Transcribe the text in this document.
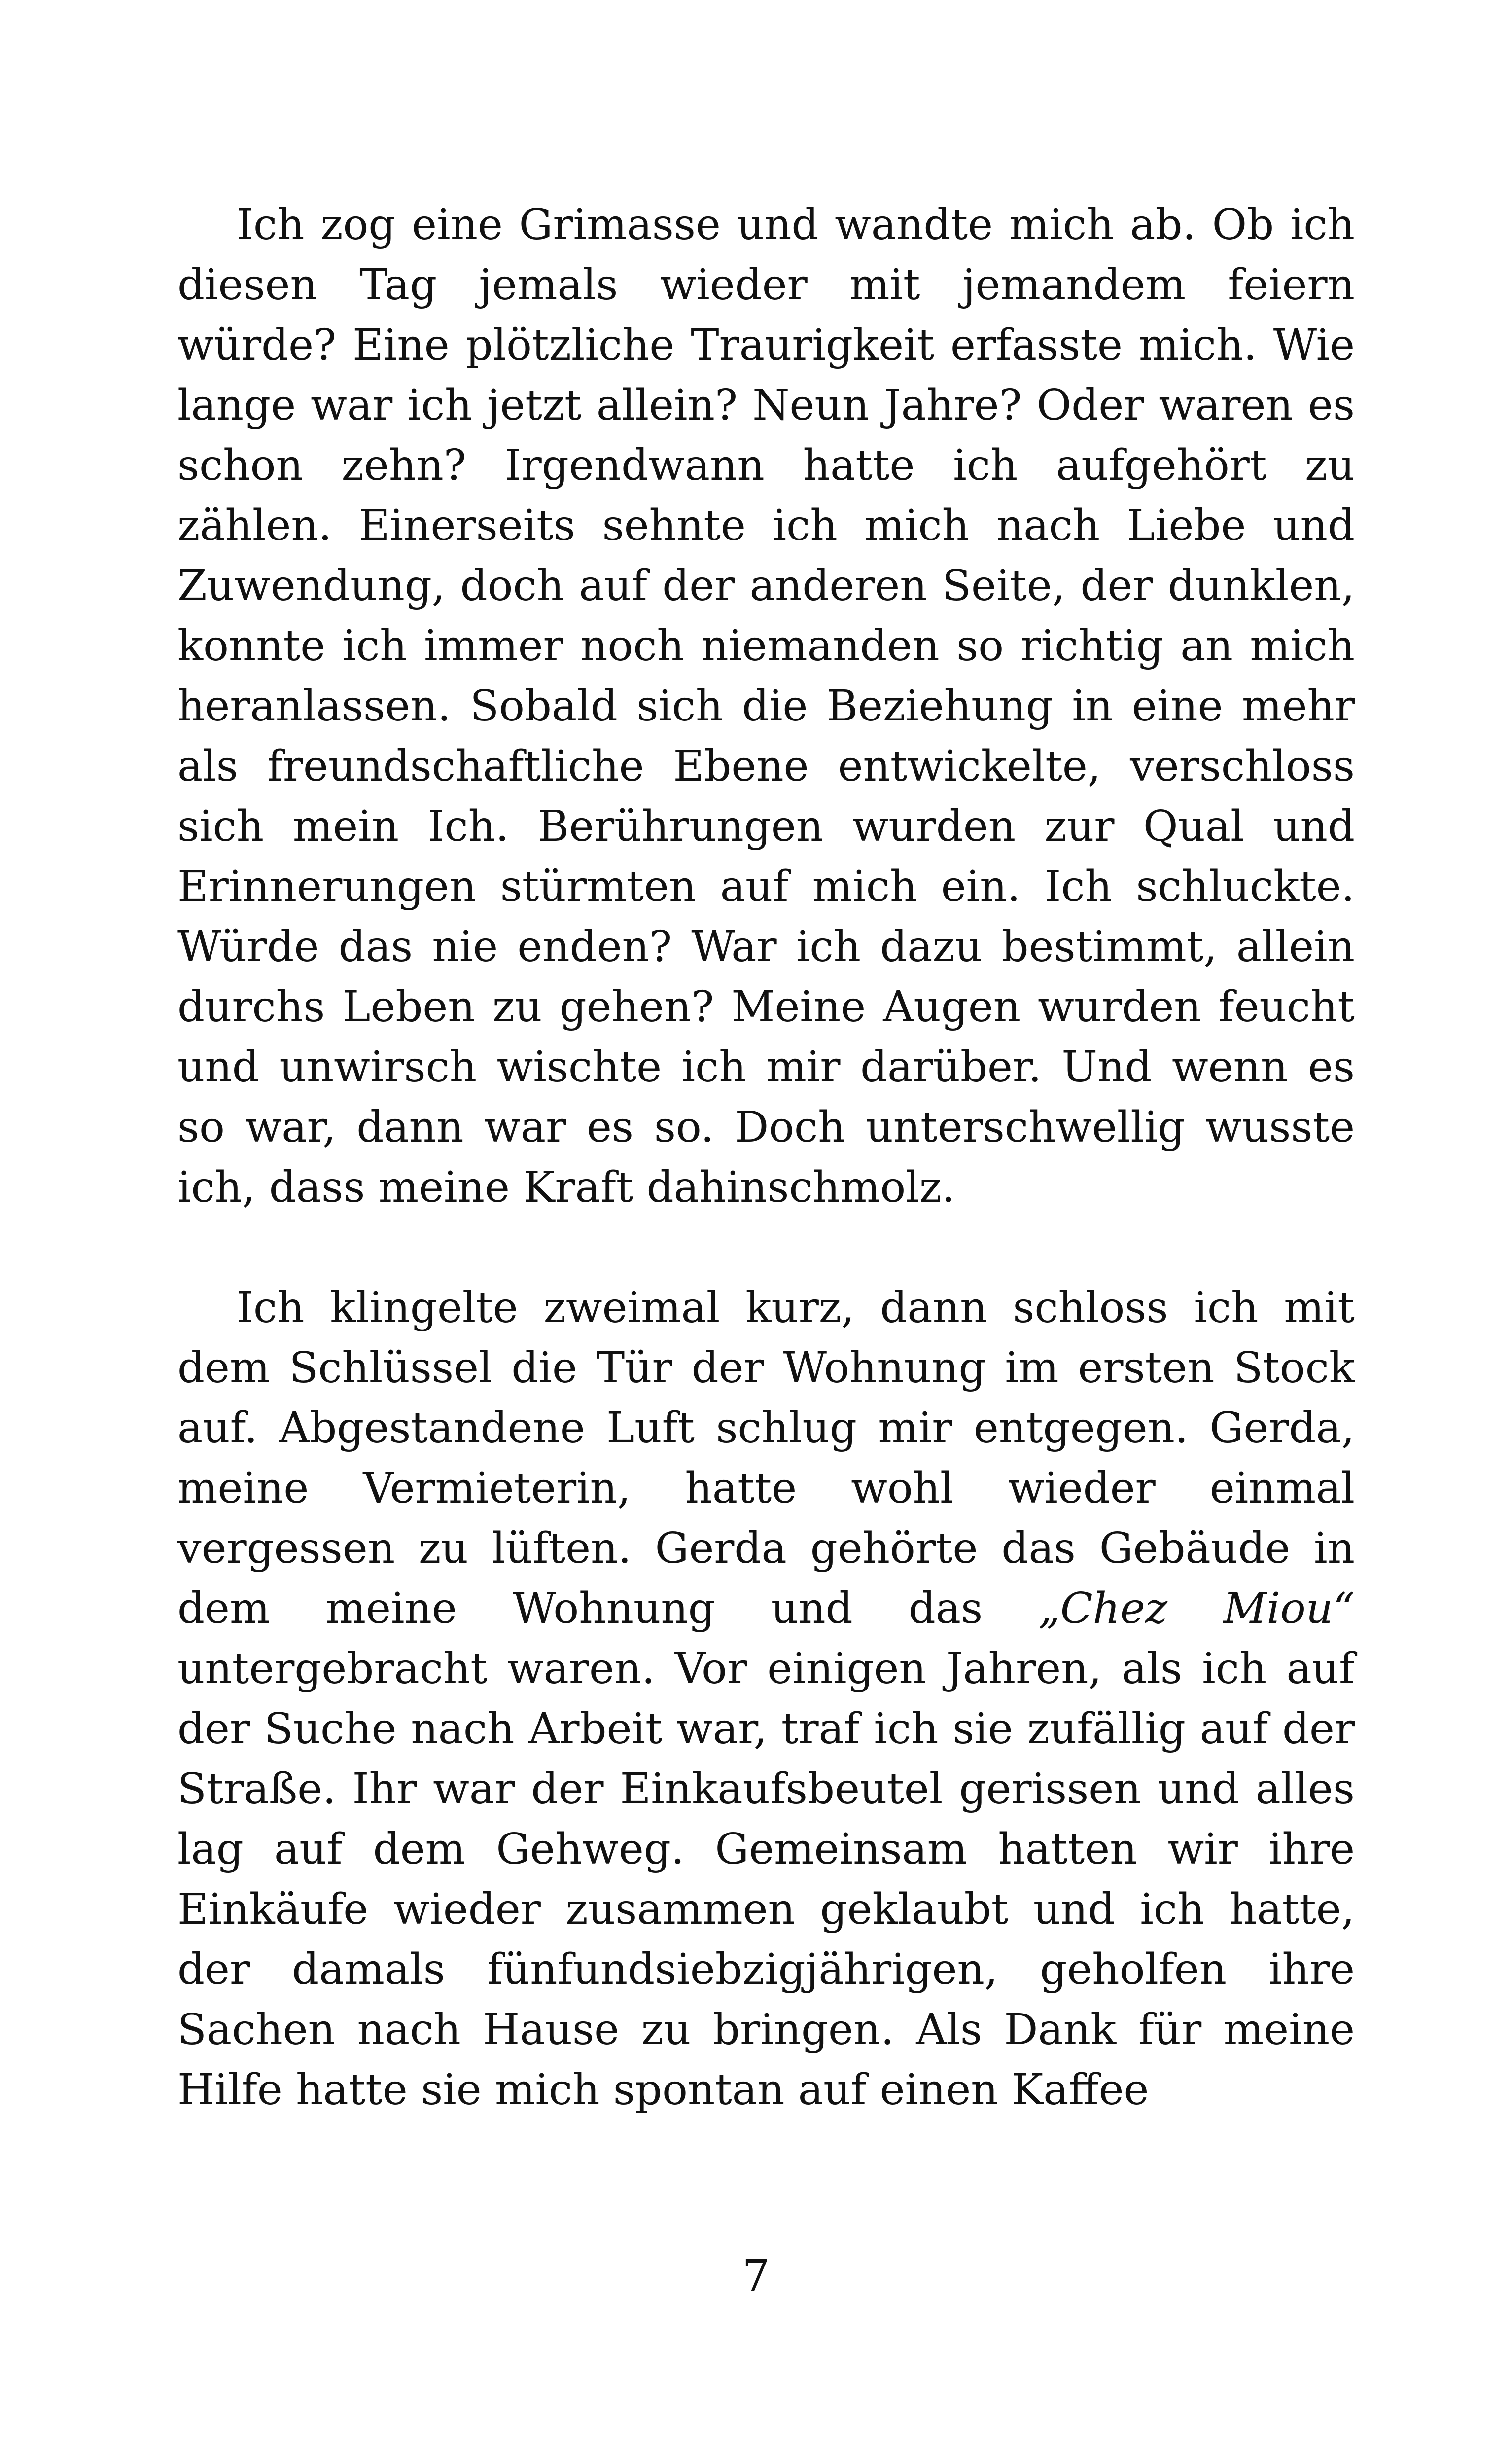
Ich zog eine Grimasse und wandte mich ab. Ob ich diesen Tag jemals wieder mit jemandem feiern würde? Eine plötzliche Traurigkeit erfasste mich. Wie lange war ich jetzt allein? Neun Jahre? Oder waren es schon zehn? Irgendwann hatte ich aufgehört zu zählen. Einerseits sehnte ich mich nach Liebe und Zuwendung, doch auf der anderen Seite, der dunklen, konnte ich immer noch niemanden so richtig an mich heranlassen. Sobald sich die Beziehung in eine mehr als freundschaftliche Ebene entwickelte, verschloss sich mein Ich. Berührungen wurden zur Qual und Erinnerungen stürmten auf mich ein. Ich schluckte. Würde das nie enden? War ich dazu bestimmt, allein durchs Leben zu gehen? Meine Augen wurden feucht und unwirsch wischte ich mir darüber. Und wenn es so war, dann war es so. Doch unterschwellig wusste ich, dass meine Kraft dahinschmolz.

Ich klingelte zweimal kurz, dann schloss ich mit dem Schlüssel die Tür der Wohnung im ersten Stock auf. Abgestandene Luft schlug mir entgegen. Gerda, meine Vermieterin, hatte wohl wieder einmal vergessen zu lüften. Gerda gehörte das Gebäude in dem meine Wohnung und das „Chez Miou“ untergebracht waren. Vor einigen Jahren, als ich auf der Suche nach Arbeit war, traf ich sie zufällig auf der Straße. Ihr war der Einkaufsbeutel gerissen und alles lag auf dem Gehweg. Gemeinsam hatten wir ihre Einkäufe wieder zusammen geklaubt und ich hatte, der damals fünfundsiebzigjährigen, geholfen ihre Sachen nach Hause zu bringen. Als Dank für meine Hilfe hatte sie mich spontan auf einen Kaffee

7
